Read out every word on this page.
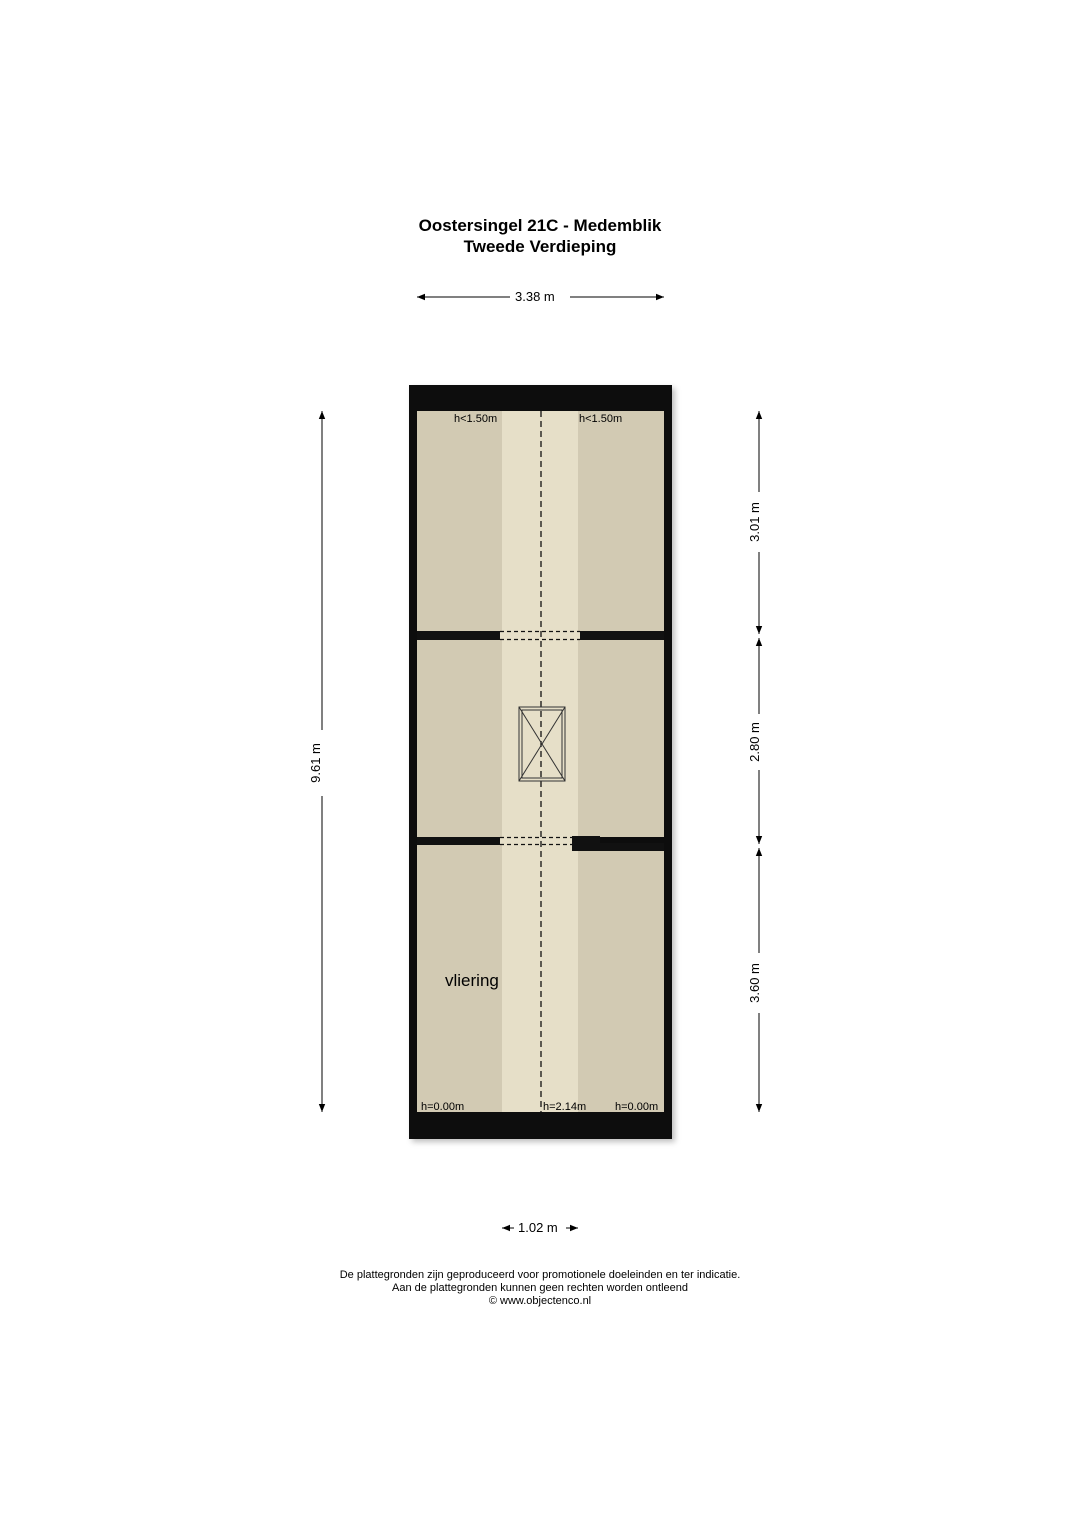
Oostersingel 21C - Medemblik
Tweede Verdieping
3.38 m
9.61 m
3.01 m
2.80 m
3.60 m
1.02 m
h<1.50m	h<1.50m
h=0.00m	h=2.14m	h=0.00m
vliering
De plattegronden zijn geproduceerd voor promotionele doeleinden en ter indicatie.
Aan de plattegronden kunnen geen rechten worden ontleend
© www.objectenco.nl
